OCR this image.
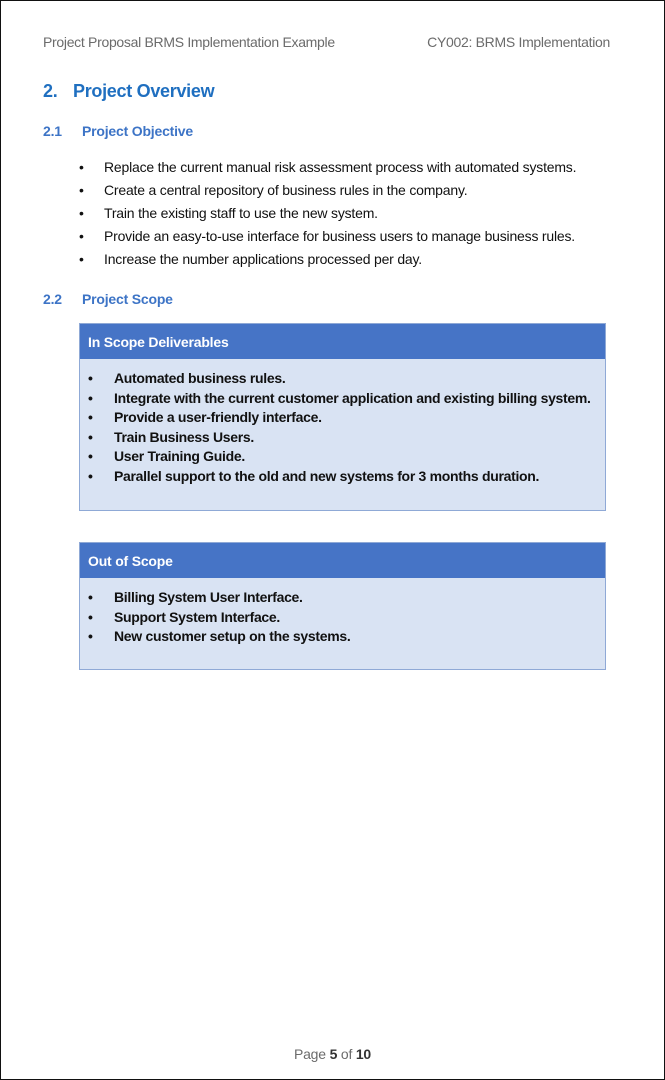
Project Proposal BRMS Implementation Example	CY002: BRMS Implementation
2. Project Overview
2.1 Project Objective
•	Replace the current manual risk assessment process with automated systems.
•	Create a central repository of business rules in the company.
•	Train the existing staff to use the new system.
•	Provide an easy-to-use interface for business users to manage business rules.
•	Increase the number applications processed per day.
2.2 Project Scope
In Scope Deliverables
•	Automated business rules.
•	Integrate with the current customer application and existing billing system.
•	Provide a user-friendly interface.
•	Train Business Users.
•	User Training Guide.
•	Parallel support to the old and new systems for 3 months duration.
Out of Scope
•	Billing System User Interface.
•	Support System Interface.
•	New customer setup on the systems.
Page 5 of 10
